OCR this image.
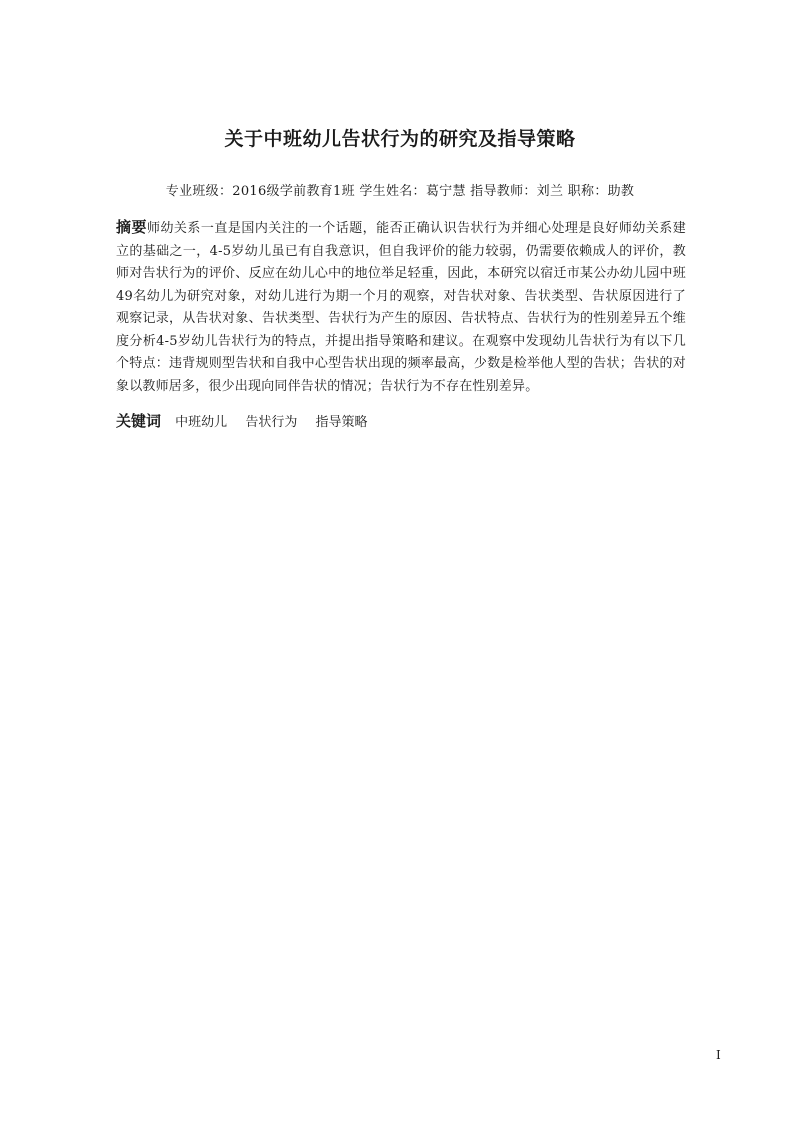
关于中班幼儿告状行为的研究及指导策略
专业班级：2016级学前教育1班 学生姓名：葛宁慧 指导教师：刘兰 职称：助教
摘要师幼关系一直是国内关注的一个话题，能否正确认识告状行为并细心处理是良好师幼关系建立的基础之一，4-5岁幼儿虽已有自我意识，但自我评价的能力较弱，仍需要依赖成人的评价，教师对告状行为的评价、反应在幼儿心中的地位举足轻重，因此，本研究以宿迁市某公办幼儿园中班49名幼儿为研究对象，对幼儿进行为期一个月的观察，对告状对象、告状类型、告状原因进行了观察记录，从告状对象、告状类型、告状行为产生的原因、告状特点、告状行为的性别差异五个维度分析4-5岁幼儿告状行为的特点，并提出指导策略和建议。在观察中发现幼儿告状行为有以下几个特点：违背规则型告状和自我中心型告状出现的频率最高，少数是检举他人型的告状；告状的对象以教师居多，很少出现向同伴告状的情况；告状行为不存在性别差异。
关键词 中班幼儿 告状行为 指导策略
I
